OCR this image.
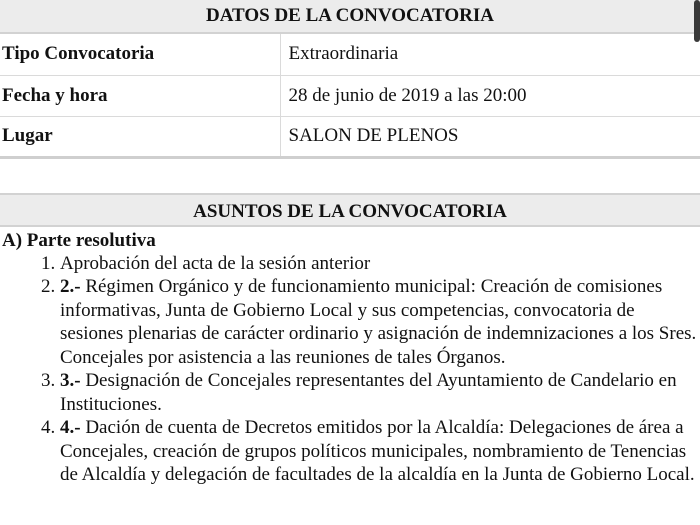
DATOS DE LA CONVOCATORIA
Tipo Convocatoria	Extraordinaria
Fecha y hora	28 de junio de 2019 a las 20:00
Lugar	SALON DE PLENOS
ASUNTOS DE LA CONVOCATORIA
A) Parte resolutiva
1. Aprobación del acta de la sesión anterior
2. 2.- Régimen Orgánico y de funcionamiento municipal: Creación de comisiones informativas, Junta de Gobierno Local y sus competencias, convocatoria de sesiones plenarias de carácter ordinario y asignación de indemnizaciones a los Sres. Concejales por asistencia a las reuniones de tales Órganos.
3. 3.- Designación de Concejales representantes del Ayuntamiento de Candelario en Instituciones.
4. 4.- Dación de cuenta de Decretos emitidos por la Alcaldía: Delegaciones de área a Concejales, creación de grupos políticos municipales, nombramiento de Tenencias de Alcaldía y delegación de facultades de la alcaldía en la Junta de Gobierno Local.
